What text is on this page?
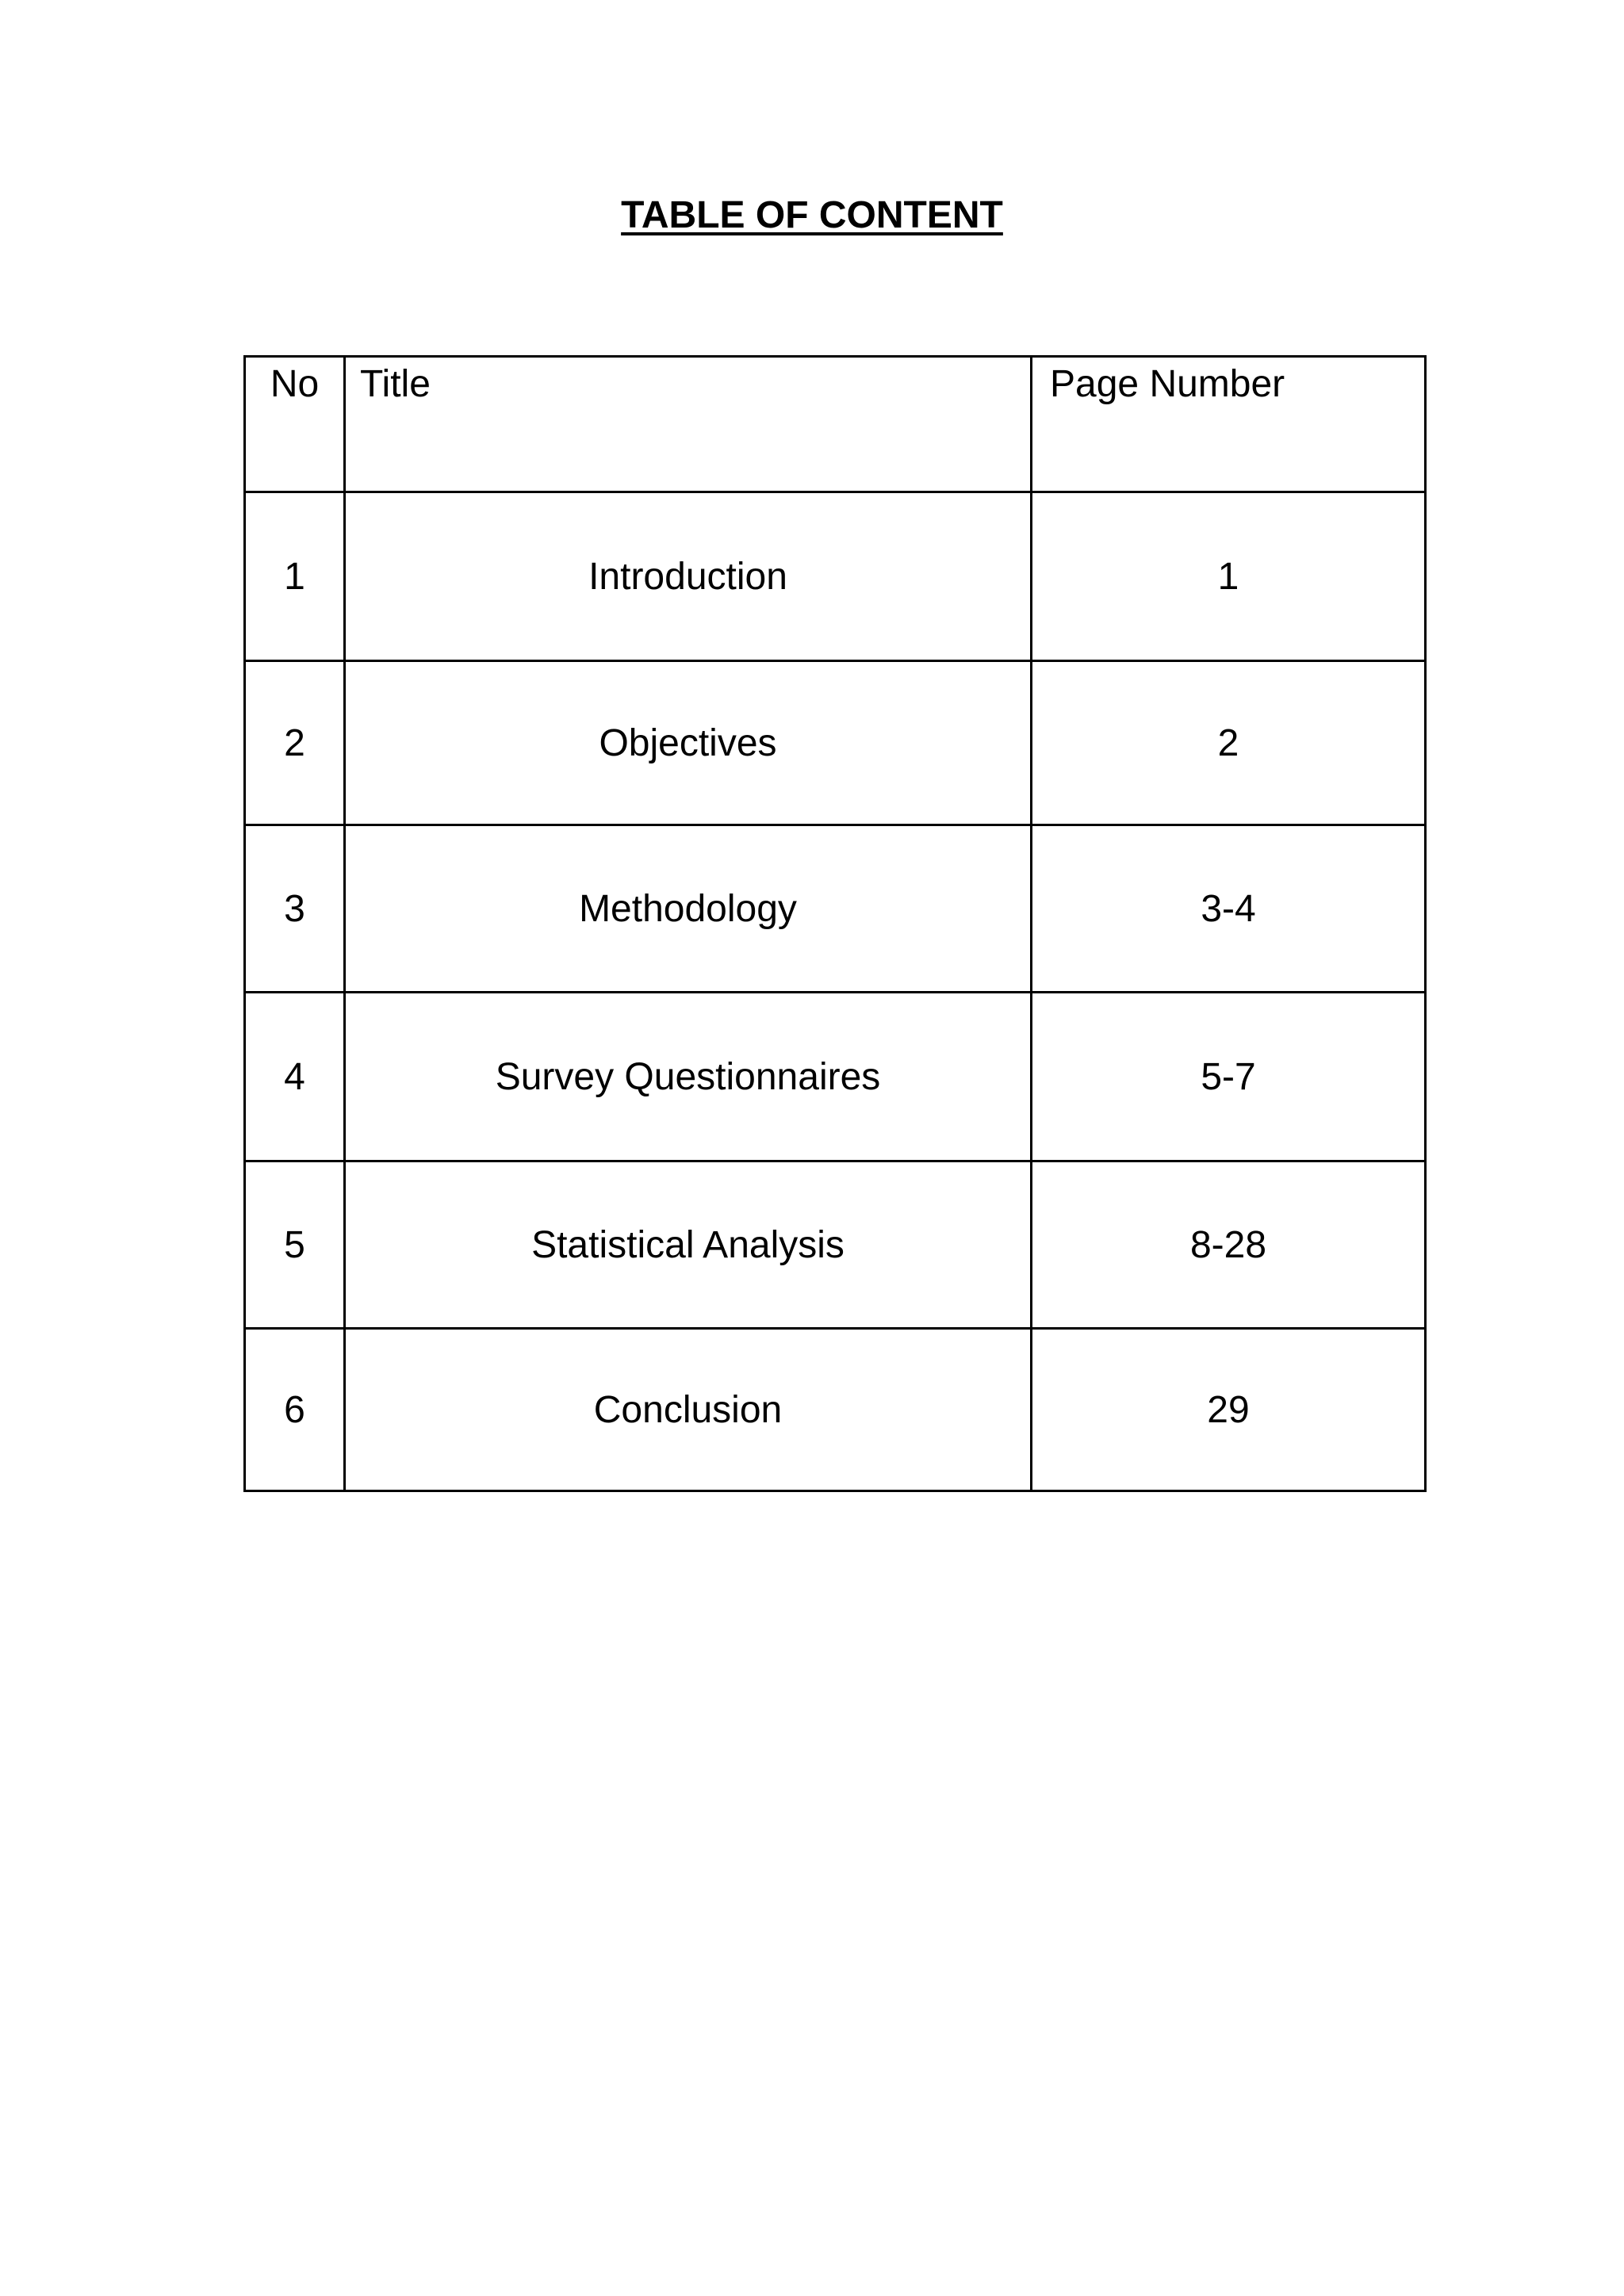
TABLE OF CONTENT
No	Title	Page Number
1	Introduction	1
2	Objectives	2
3	Methodology	3-4
4	Survey Questionnaires	5-7
5	Statistical Analysis	8-28
6	Conclusion	29
